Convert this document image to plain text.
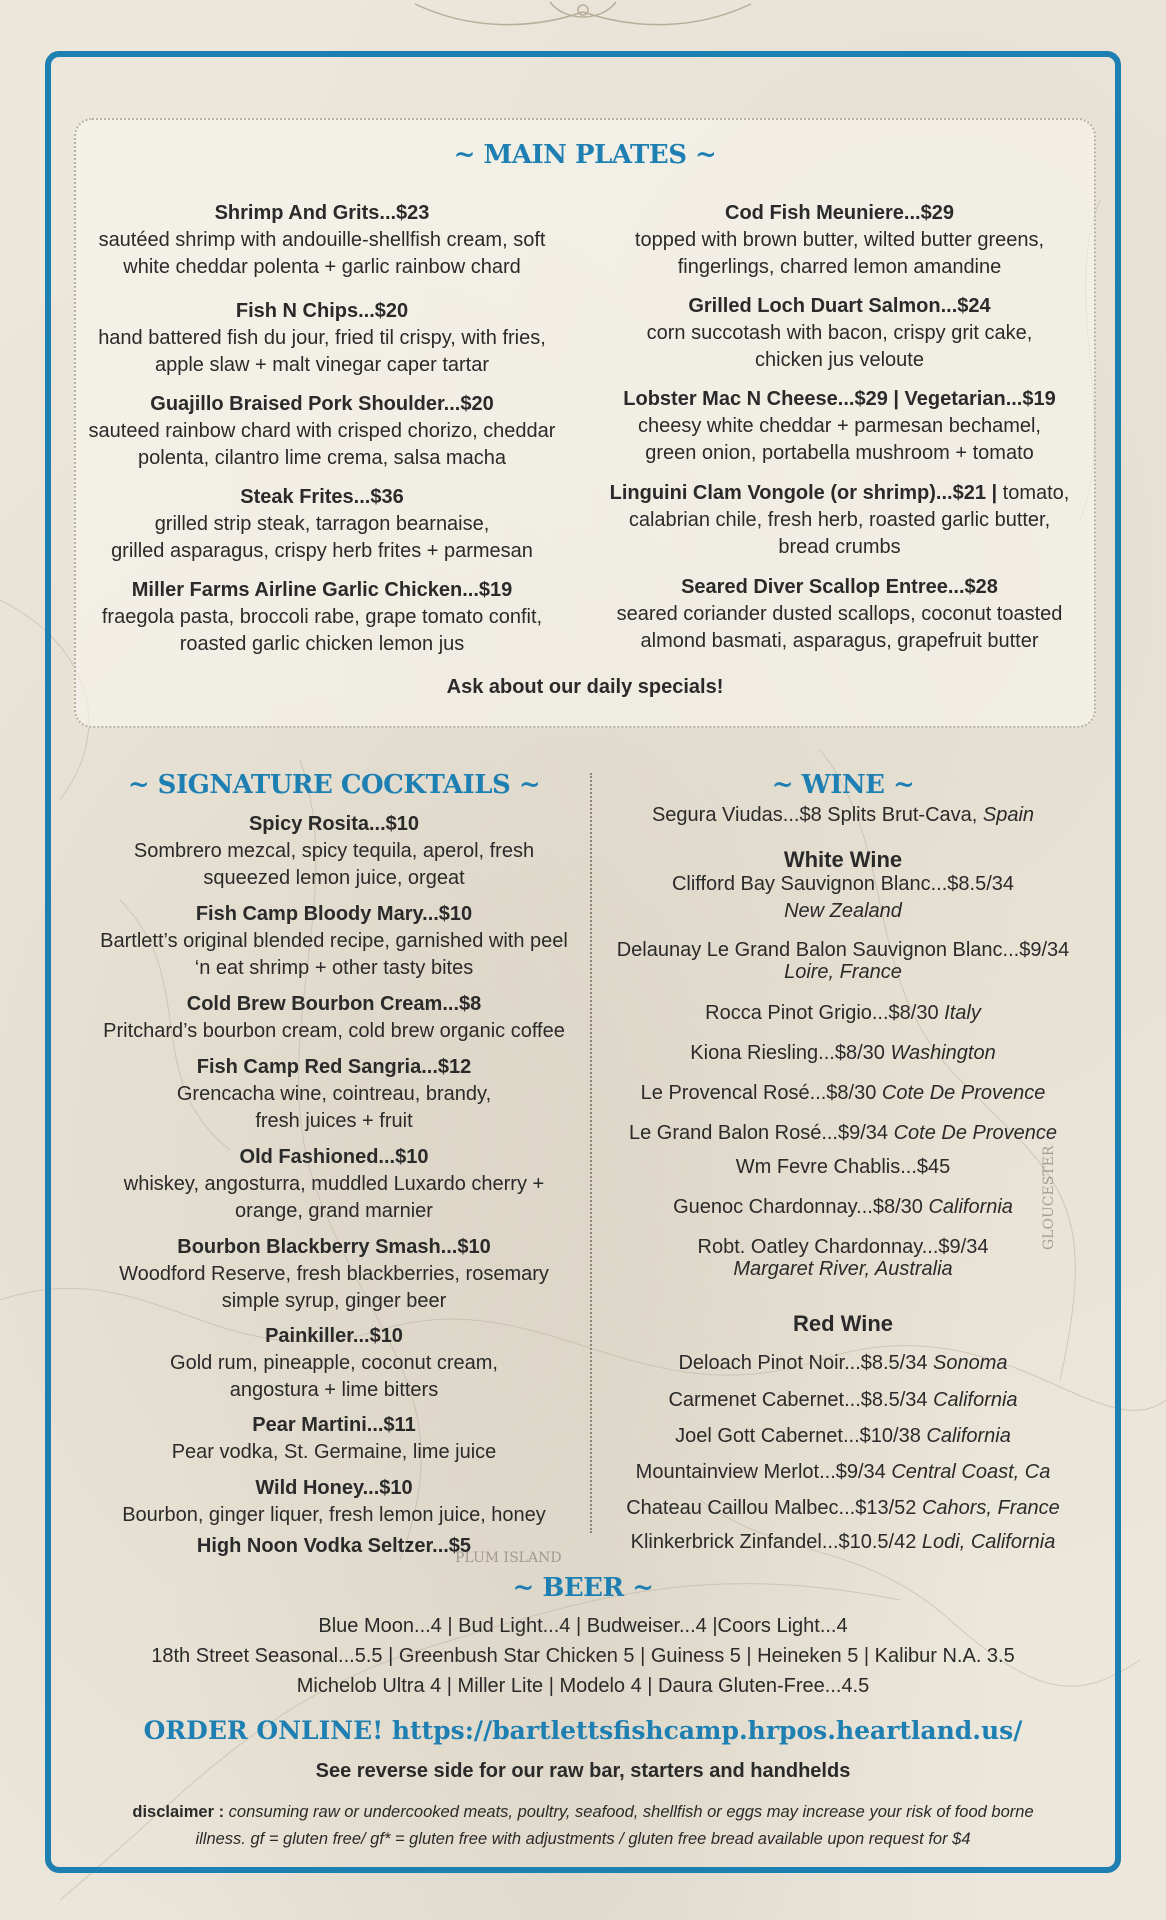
GLOUCESTER
PLUM ISLAND
~ MAIN PLATES ~
Shrimp And Grits...$23
sautéed shrimp with andouille-shellfish cream, soft
white cheddar polenta + garlic rainbow chard
Fish N Chips...$20
hand battered fish du jour, fried til crispy, with fries,
apple slaw + malt vinegar caper tartar
Guajillo Braised Pork Shoulder...$20
sauteed rainbow chard with crisped chorizo, cheddar
polenta, cilantro lime crema, salsa macha
Steak Frites...$36
grilled strip steak, tarragon bearnaise,
grilled asparagus, crispy herb frites + parmesan
Miller Farms Airline Garlic Chicken...$19
fraegola pasta, broccoli rabe, grape tomato confit,
roasted garlic chicken lemon jus
Cod Fish Meuniere...$29
topped with brown butter, wilted butter greens,
fingerlings, charred lemon amandine
Grilled Loch Duart Salmon...$24
corn succotash with bacon, crispy grit cake,
chicken jus veloute
Lobster Mac N Cheese...$29 | Vegetarian...$19
cheesy white cheddar + parmesan bechamel,
green onion, portabella mushroom + tomato
Linguini Clam Vongole (or shrimp)...$21 | tomato,
calabrian chile, fresh herb, roasted garlic butter,
bread crumbs
Seared Diver Scallop Entree...$28
seared coriander dusted scallops, coconut toasted
almond basmati, asparagus, grapefruit butter
Ask about our daily specials!
~ SIGNATURE COCKTAILS ~
Spicy Rosita...$10
Sombrero mezcal, spicy tequila, aperol, fresh
squeezed lemon juice, orgeat
Fish Camp Bloody Mary...$10
Bartlett’s original blended recipe, garnished with peel
‘n eat shrimp + other tasty bites
Cold Brew Bourbon Cream...$8
Pritchard’s bourbon cream, cold brew organic coffee
Fish Camp Red Sangria...$12
Grencacha wine, cointreau, brandy,
fresh juices + fruit
Old Fashioned...$10
whiskey, angosturra, muddled Luxardo cherry +
orange, grand marnier
Bourbon Blackberry Smash...$10
Woodford Reserve, fresh blackberries, rosemary
simple syrup, ginger beer
Painkiller...$10
Gold rum, pineapple, coconut cream,
angostura + lime bitters
Pear Martini...$11
Pear vodka, St. Germaine, lime juice
Wild Honey...$10
Bourbon, ginger liquer, fresh lemon juice, honey
High Noon Vodka Seltzer...$5
~ WINE ~
Segura Viudas...$8 Splits Brut-Cava, Spain
White Wine
Clifford Bay Sauvignon Blanc...$8.5/34
New Zealand
Delaunay Le Grand Balon Sauvignon Blanc...$9/34
Loire, France
Rocca Pinot Grigio...$8/30 Italy
Kiona Riesling...$8/30 Washington
Le Provencal Rosé...$8/30 Cote De Provence
Le Grand Balon Rosé...$9/34 Cote De Provence
Wm Fevre Chablis...$45
Guenoc Chardonnay...$8/30 California
Robt. Oatley Chardonnay...$9/34
Margaret River, Australia
Red Wine
Deloach Pinot Noir...$8.5/34 Sonoma
Carmenet Cabernet...$8.5/34 California
Joel Gott Cabernet...$10/38 California
Mountainview Merlot...$9/34 Central Coast, Ca
Chateau Caillou Malbec...$13/52 Cahors, France
Klinkerbrick Zinfandel...$10.5/42 Lodi, California
~ BEER ~
Blue Moon...4 | Bud Light...4 | Budweiser...4 |Coors Light...4
18th Street Seasonal...5.5 | Greenbush Star Chicken 5 | Guiness 5 | Heineken 5 | Kalibur N.A. 3.5
Michelob Ultra 4 | Miller Lite | Modelo 4 | Daura Gluten-Free...4.5
ORDER ONLINE! https://bartlettsfishcamp.hrpos.heartland.us/
See reverse side for our raw bar, starters and handhelds
disclaimer : consuming raw or undercooked meats, poultry, seafood, shellfish or eggs may increase your risk of food borne
illness. gf = gluten free/ gf* = gluten free with adjustments / gluten free bread available upon request for $4
